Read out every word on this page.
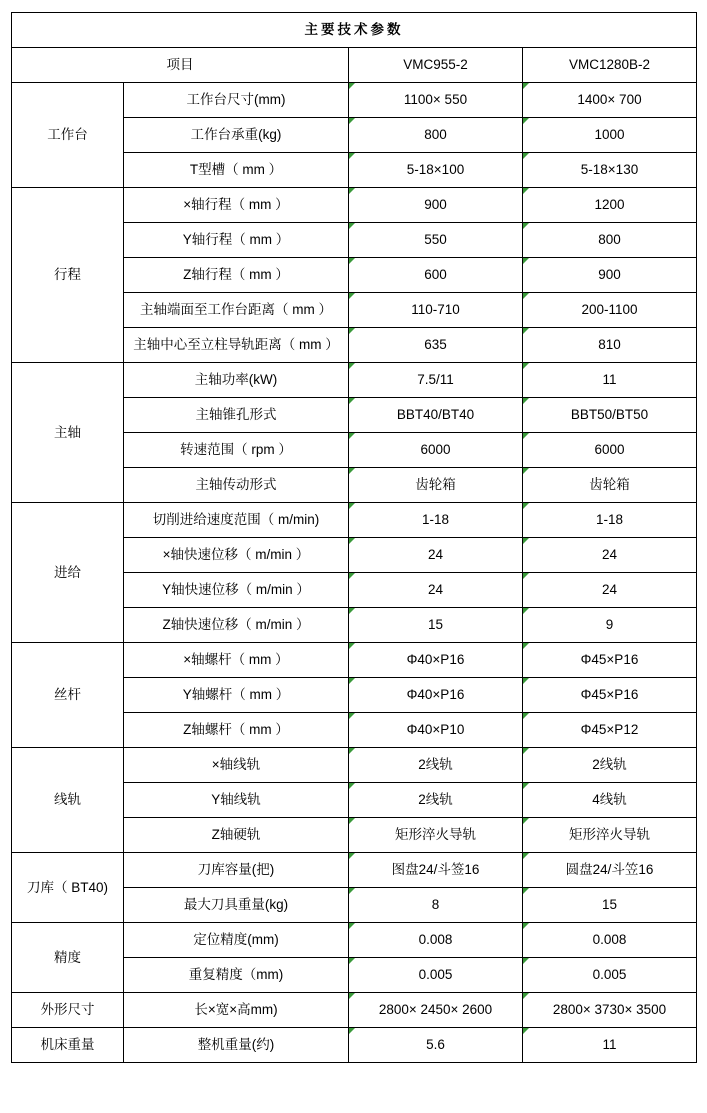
主要技术参数			
项目		VMC955-2	VMC1280B-2
工作台	工作台尺寸(mm)	1100× 550	1400× 700
	工作台承重(kg)	800	1000
	T型槽（ mm ）	5-18×100	5-18×130
行程	×轴行程（ mm ）	900	1200
	Y轴行程（ mm ）	550	800
	Z轴行程（ mm ）	600	900
	主轴端面至工作台距离（ mm ）	110-710	200-1100
	主轴中心至立柱导轨距离（ mm ）	635	810
主轴	主轴功率(kW)	7.5/11	11
	主轴锥孔形式	BBT40/BT40	BBT50/BT50
	转速范围（ rpm ）	6000	6000
	主轴传动形式	齿轮箱	齿轮箱
进给	切削进给速度范围（ m/min)	1-18	1-18
	×轴快速位移（ m/min ）	24	24
	Y轴快速位移（ m/min ）	24	24
	Z轴快速位移（ m/min ）	15	9
丝杆	×轴螺杆（ mm ）	Φ40×P16	Φ45×P16
	Y轴螺杆（ mm ）	Φ40×P16	Φ45×P16
	Z轴螺杆（ mm ）	Φ40×P10	Φ45×P12
线轨	×轴线轨	2线轨	2线轨
	Y轴线轨	2线轨	4线轨
	Z轴硬轨	矩形淬火导轨	矩形淬火导轨
刀库（ BT40)	刀库容量(把)	图盘24/斗签16	圆盘24/斗笠16
	最大刀具重量(kg)	8	15
精度	定位精度(mm)	0.008	0.008
	重复精度（mm)	0.005	0.005
外形尺寸	长×宽×高mm)	2800× 2450× 2600	2800× 3730× 3500
机床重量	整机重量(约)	5.6	11
